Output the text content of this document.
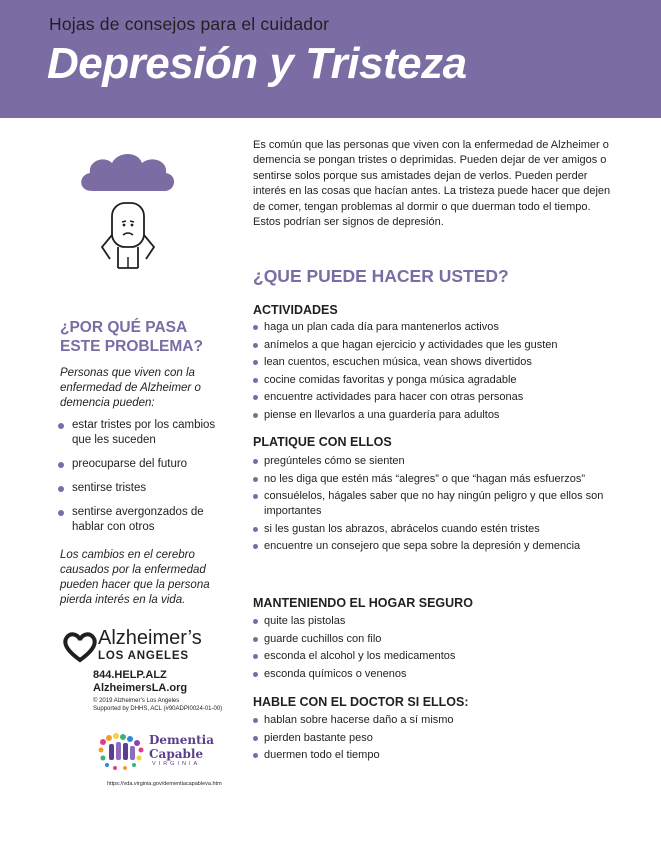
Hojas de consejos para el cuidador
Depresión y Tristeza
¿POR QUÉ PASA
ESTE PROBLEMA?
Personas que viven con la enfermedad de Alzheimer o demencia pueden:
estar tristes por los cambios que les suceden
preocuparse del futuro
sentirse tristes
sentirse avergonzados de hablar con otros
Los cambios en el cerebro causados por la enfermedad pueden hacer que la persona pierda interés en la vida.
Alzheimer’s
LOS ANGELES
844.HELP.ALZ
AlzheimersLA.org
© 2019 Alzheimer’s Los Angeles
Supported by DHHS, ACL (#90ADPI0024-01-00)
Dementia
Capable
VIRGINIA
https://vda.virginia.gov/dementiacapableva.htm
Es común que las personas que viven con la enfermedad de Alzheimer o demencia se pongan tristes o deprimidas. Pueden dejar de ver amigos o sentirse solos porque sus amistades dejan de verlos. Pueden perder interés en las cosas que hacían antes. La tristeza puede hacer que dejen de comer, tengan problemas al dormir o que duerman todo el tiempo. Estos podrían ser signos de depresión.
¿QUE PUEDE HACER USTED?
ACTIVIDADES
haga un plan cada día para mantenerlos activos
anímelos a que hagan ejercicio y actividades que les gusten
lean cuentos, escuchen música, vean shows divertidos
cocine comidas favoritas y ponga música agradable
encuentre actividades para hacer con otras personas
piense en llevarlos a una guardería para adultos
PLATIQUE CON ELLOS
pregúnteles cómo se sienten
no les diga que estén más “alegres” o que “hagan más esfuerzos”
consuélelos, hágales saber que no hay ningún peligro y que ellos son importantes
si les gustan los abrazos, abrácelos cuando estén tristes
encuentre un consejero que sepa sobre la depresión y demencia
MANTENIENDO EL HOGAR SEGURO
quite las pistolas
guarde cuchillos con filo
esconda el alcohol y los medicamentos
esconda químicos o venenos
HABLE CON EL DOCTOR SI ELLOS:
hablan sobre hacerse daño a sí mismo
pierden bastante peso
duermen todo el tiempo
